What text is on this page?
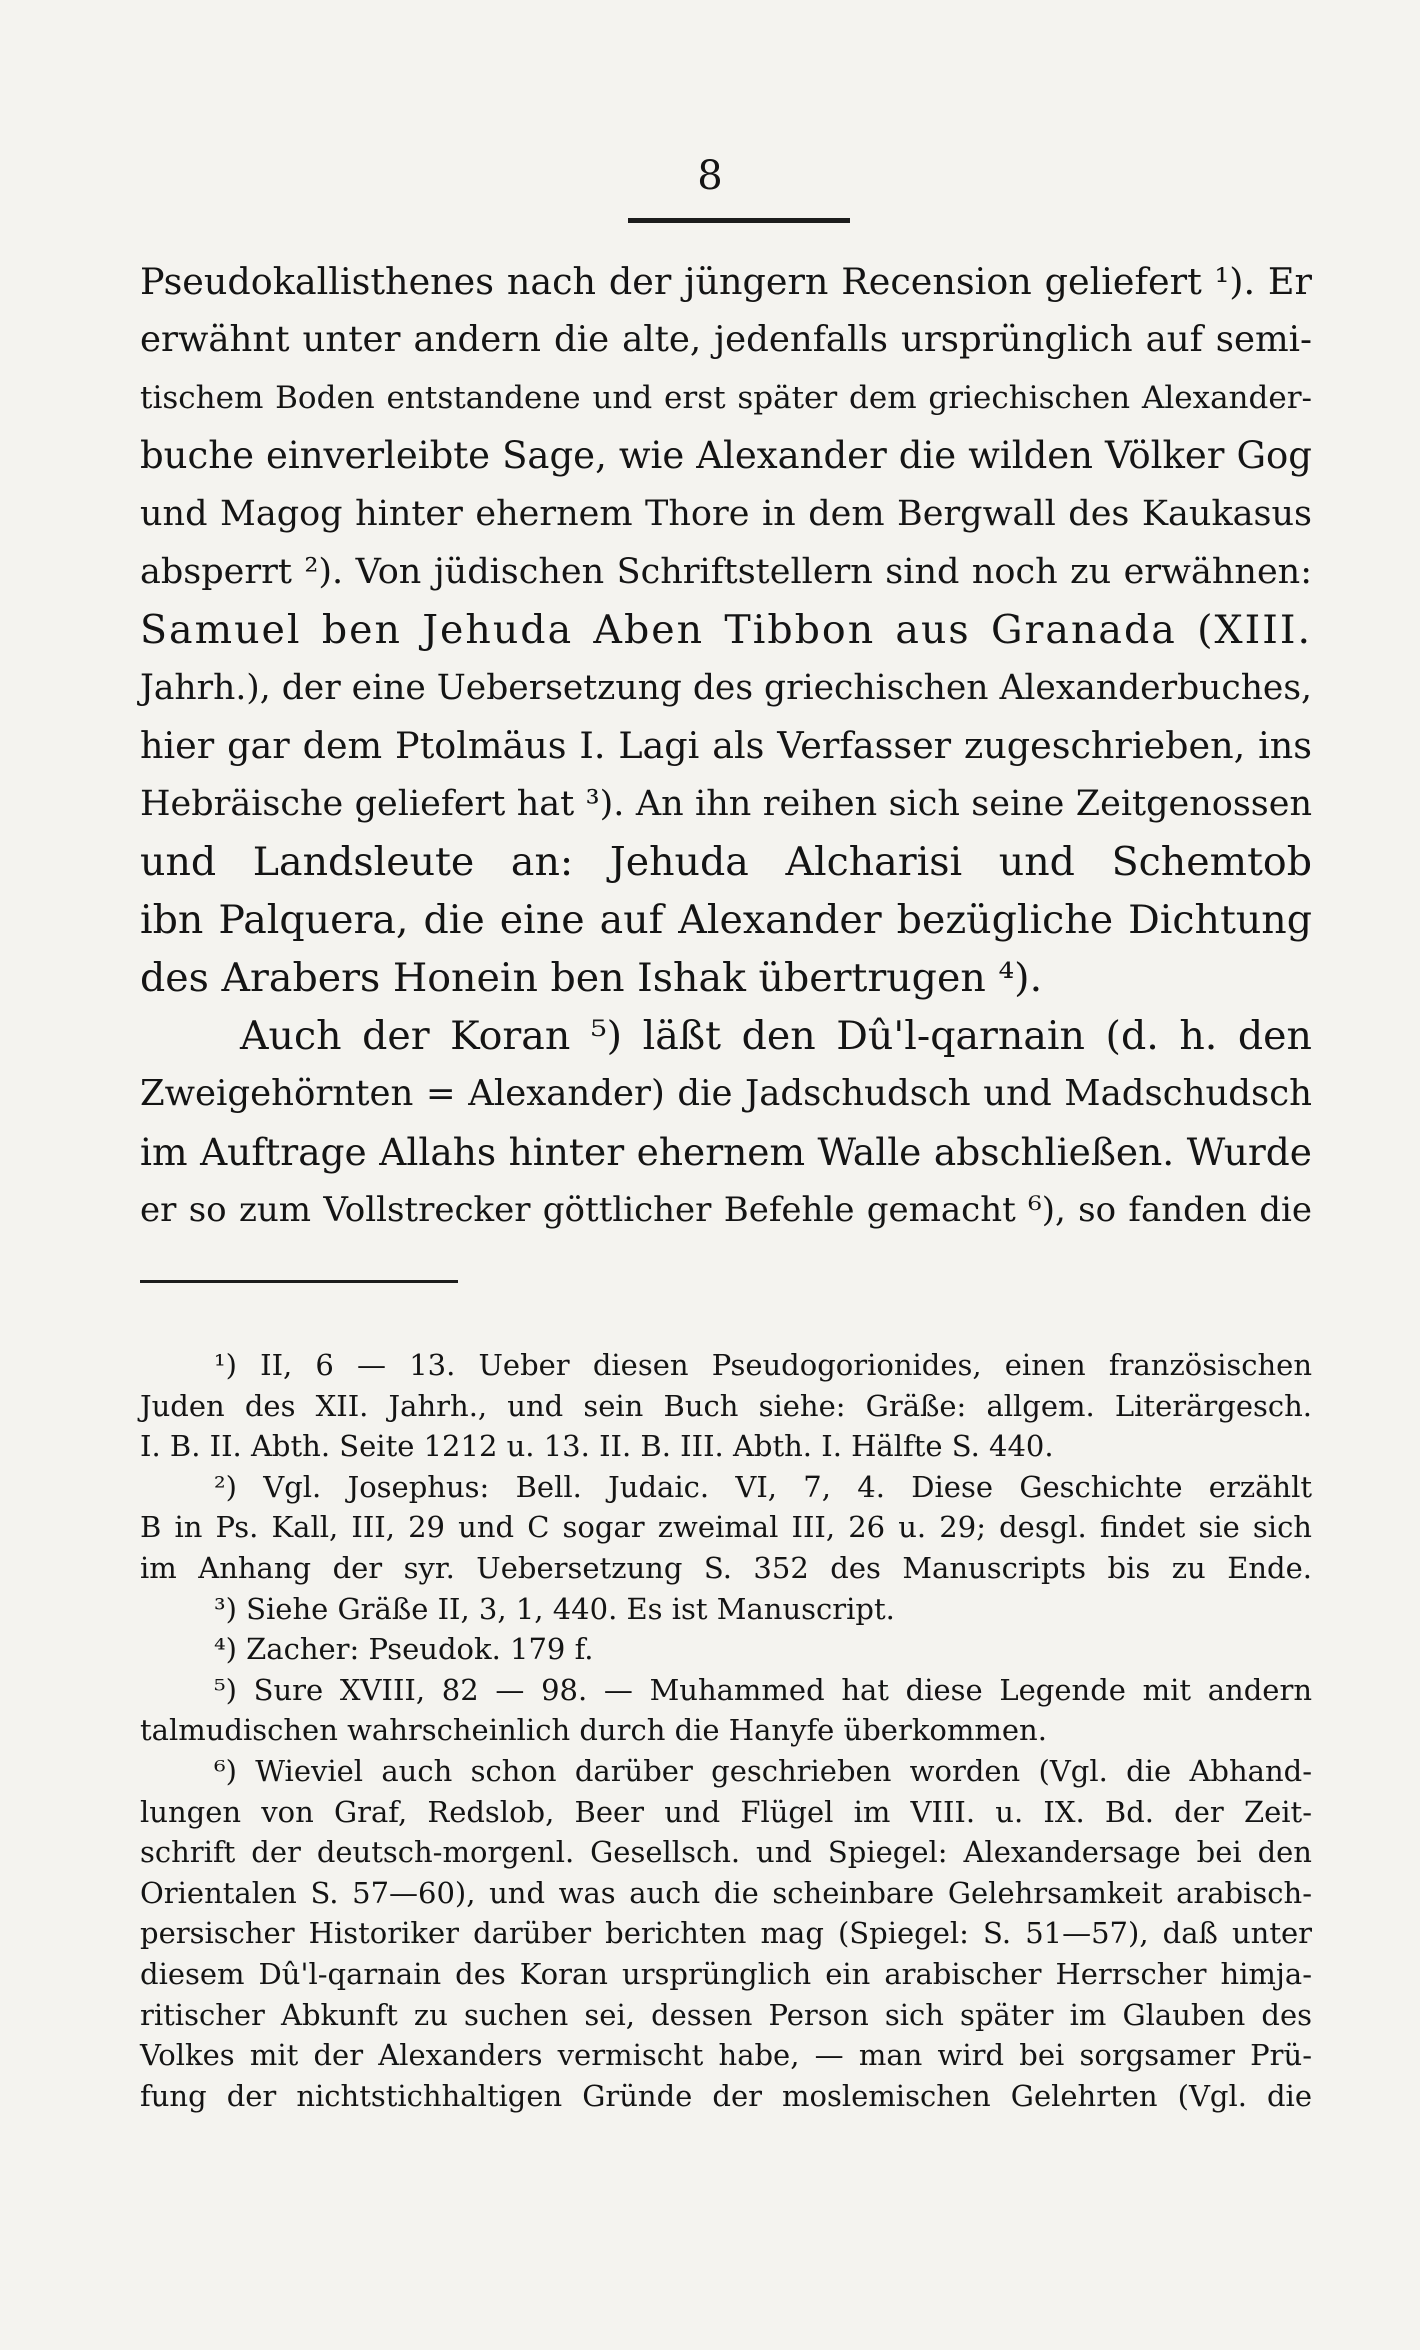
8
Pseudokallisthenes nach der jüngern Recension geliefert ¹). Er
erwähnt unter andern die alte, jedenfalls ursprünglich auf semi-
tischem Boden entstandene und erst später dem griechischen Alexander-
buche einverleibte Sage, wie Alexander die wilden Völker Gog
und Magog hinter ehernem Thore in dem Bergwall des Kaukasus
absperrt ²). Von jüdischen Schriftstellern sind noch zu erwähnen:
Samuel ben Jehuda Aben Tibbon aus Granada (XIII.
Jahrh.), der eine Uebersetzung des griechischen Alexanderbuches,
hier gar dem Ptolmäus I. Lagi als Verfasser zugeschrieben, ins
Hebräische geliefert hat ³). An ihn reihen sich seine Zeitgenossen
und Landsleute an: Jehuda Alcharisi und Schemtob
ibn Palquera, die eine auf Alexander bezügliche Dichtung
des Arabers Honein ben Ishak übertrugen ⁴).
Auch der Koran ⁵) läßt den Dû'l-qarnain (d. h. den
Zweigehörnten = Alexander) die Jadschudsch und Madschudsch
im Auftrage Allahs hinter ehernem Walle abschließen. Wurde
er so zum Vollstrecker göttlicher Befehle gemacht ⁶), so fanden die
¹) II, 6 — 13. Ueber diesen Pseudogorionides, einen französischen
Juden des XII. Jahrh., und sein Buch siehe: Gräße: allgem. Literärgesch.
I. B. II. Abth. Seite 1212 u. 13. II. B. III. Abth. I. Hälfte S. 440.
²) Vgl. Josephus: Bell. Judaic. VI, 7, 4. Diese Geschichte erzählt
B in Ps. Kall, III, 29 und C sogar zweimal III, 26 u. 29; desgl. findet sie sich
im Anhang der syr. Uebersetzung S. 352 des Manuscripts bis zu Ende.
³) Siehe Gräße II, 3, 1, 440. Es ist Manuscript.
⁴) Zacher: Pseudok. 179 f.
⁵) Sure XVIII, 82 — 98. — Muhammed hat diese Legende mit andern
talmudischen wahrscheinlich durch die Hanyfe überkommen.
⁶) Wieviel auch schon darüber geschrieben worden (Vgl. die Abhand-
lungen von Graf, Redslob, Beer und Flügel im VIII. u. IX. Bd. der Zeit-
schrift der deutsch-morgenl. Gesellsch. und Spiegel: Alexandersage bei den
Orientalen S. 57—60), und was auch die scheinbare Gelehrsamkeit arabisch-
persischer Historiker darüber berichten mag (Spiegel: S. 51—57), daß unter
diesem Dû'l-qarnain des Koran ursprünglich ein arabischer Herrscher himja-
ritischer Abkunft zu suchen sei, dessen Person sich später im Glauben des
Volkes mit der Alexanders vermischt habe, — man wird bei sorgsamer Prü-
fung der nichtstichhaltigen Gründe der moslemischen Gelehrten (Vgl. die
